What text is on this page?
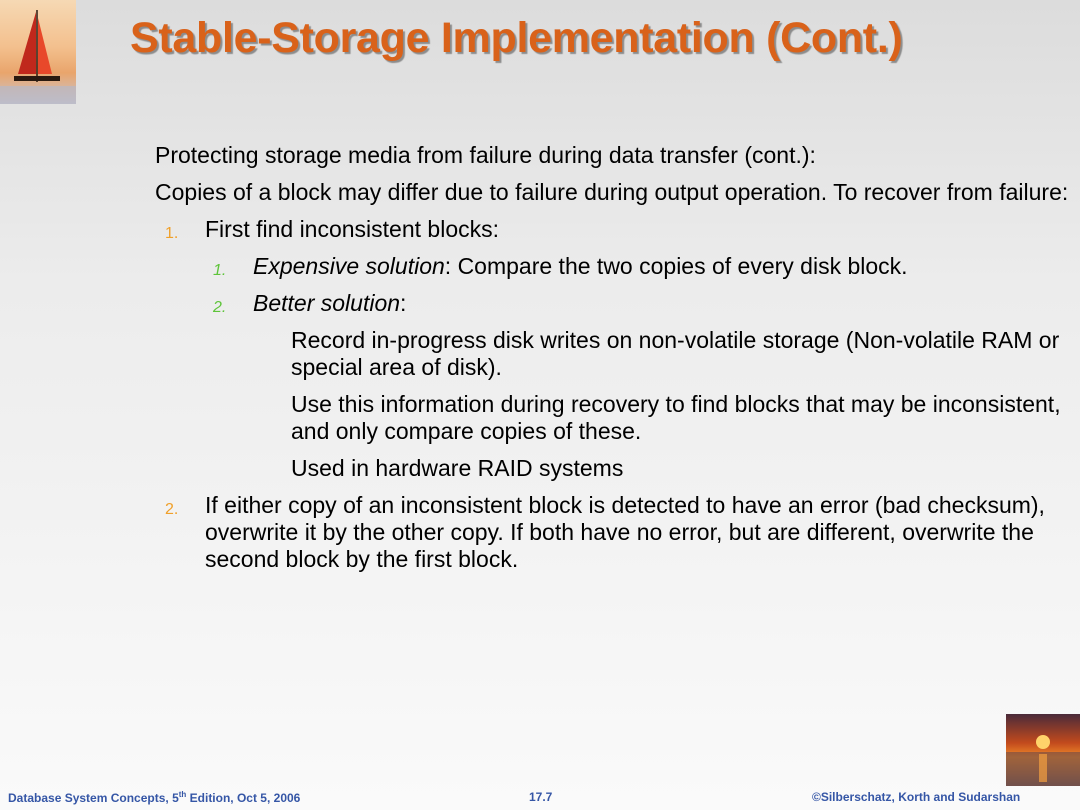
Stable-Storage Implementation (Cont.)

Protecting storage media from failure during data transfer (cont.):

Copies of a block may differ due to failure during output operation. To recover from failure:

1. First find inconsistent blocks:
1. Expensive solution: Compare the two copies of every disk block.
2. Better solution:

Record in-progress disk writes on non-volatile storage (Non-volatile RAM or special area of disk).

Use this information during recovery to find blocks that may be inconsistent, and only compare copies of these.

Used in hardware RAID systems

2. If either copy of an inconsistent block is detected to have an error (bad checksum), overwrite it by the other copy. If both have no error, but are different, overwrite the second block by the first block.
Database System Concepts, 5th Edition, Oct 5, 2006	17.7	©Silberschatz, Korth and Sudarshan
